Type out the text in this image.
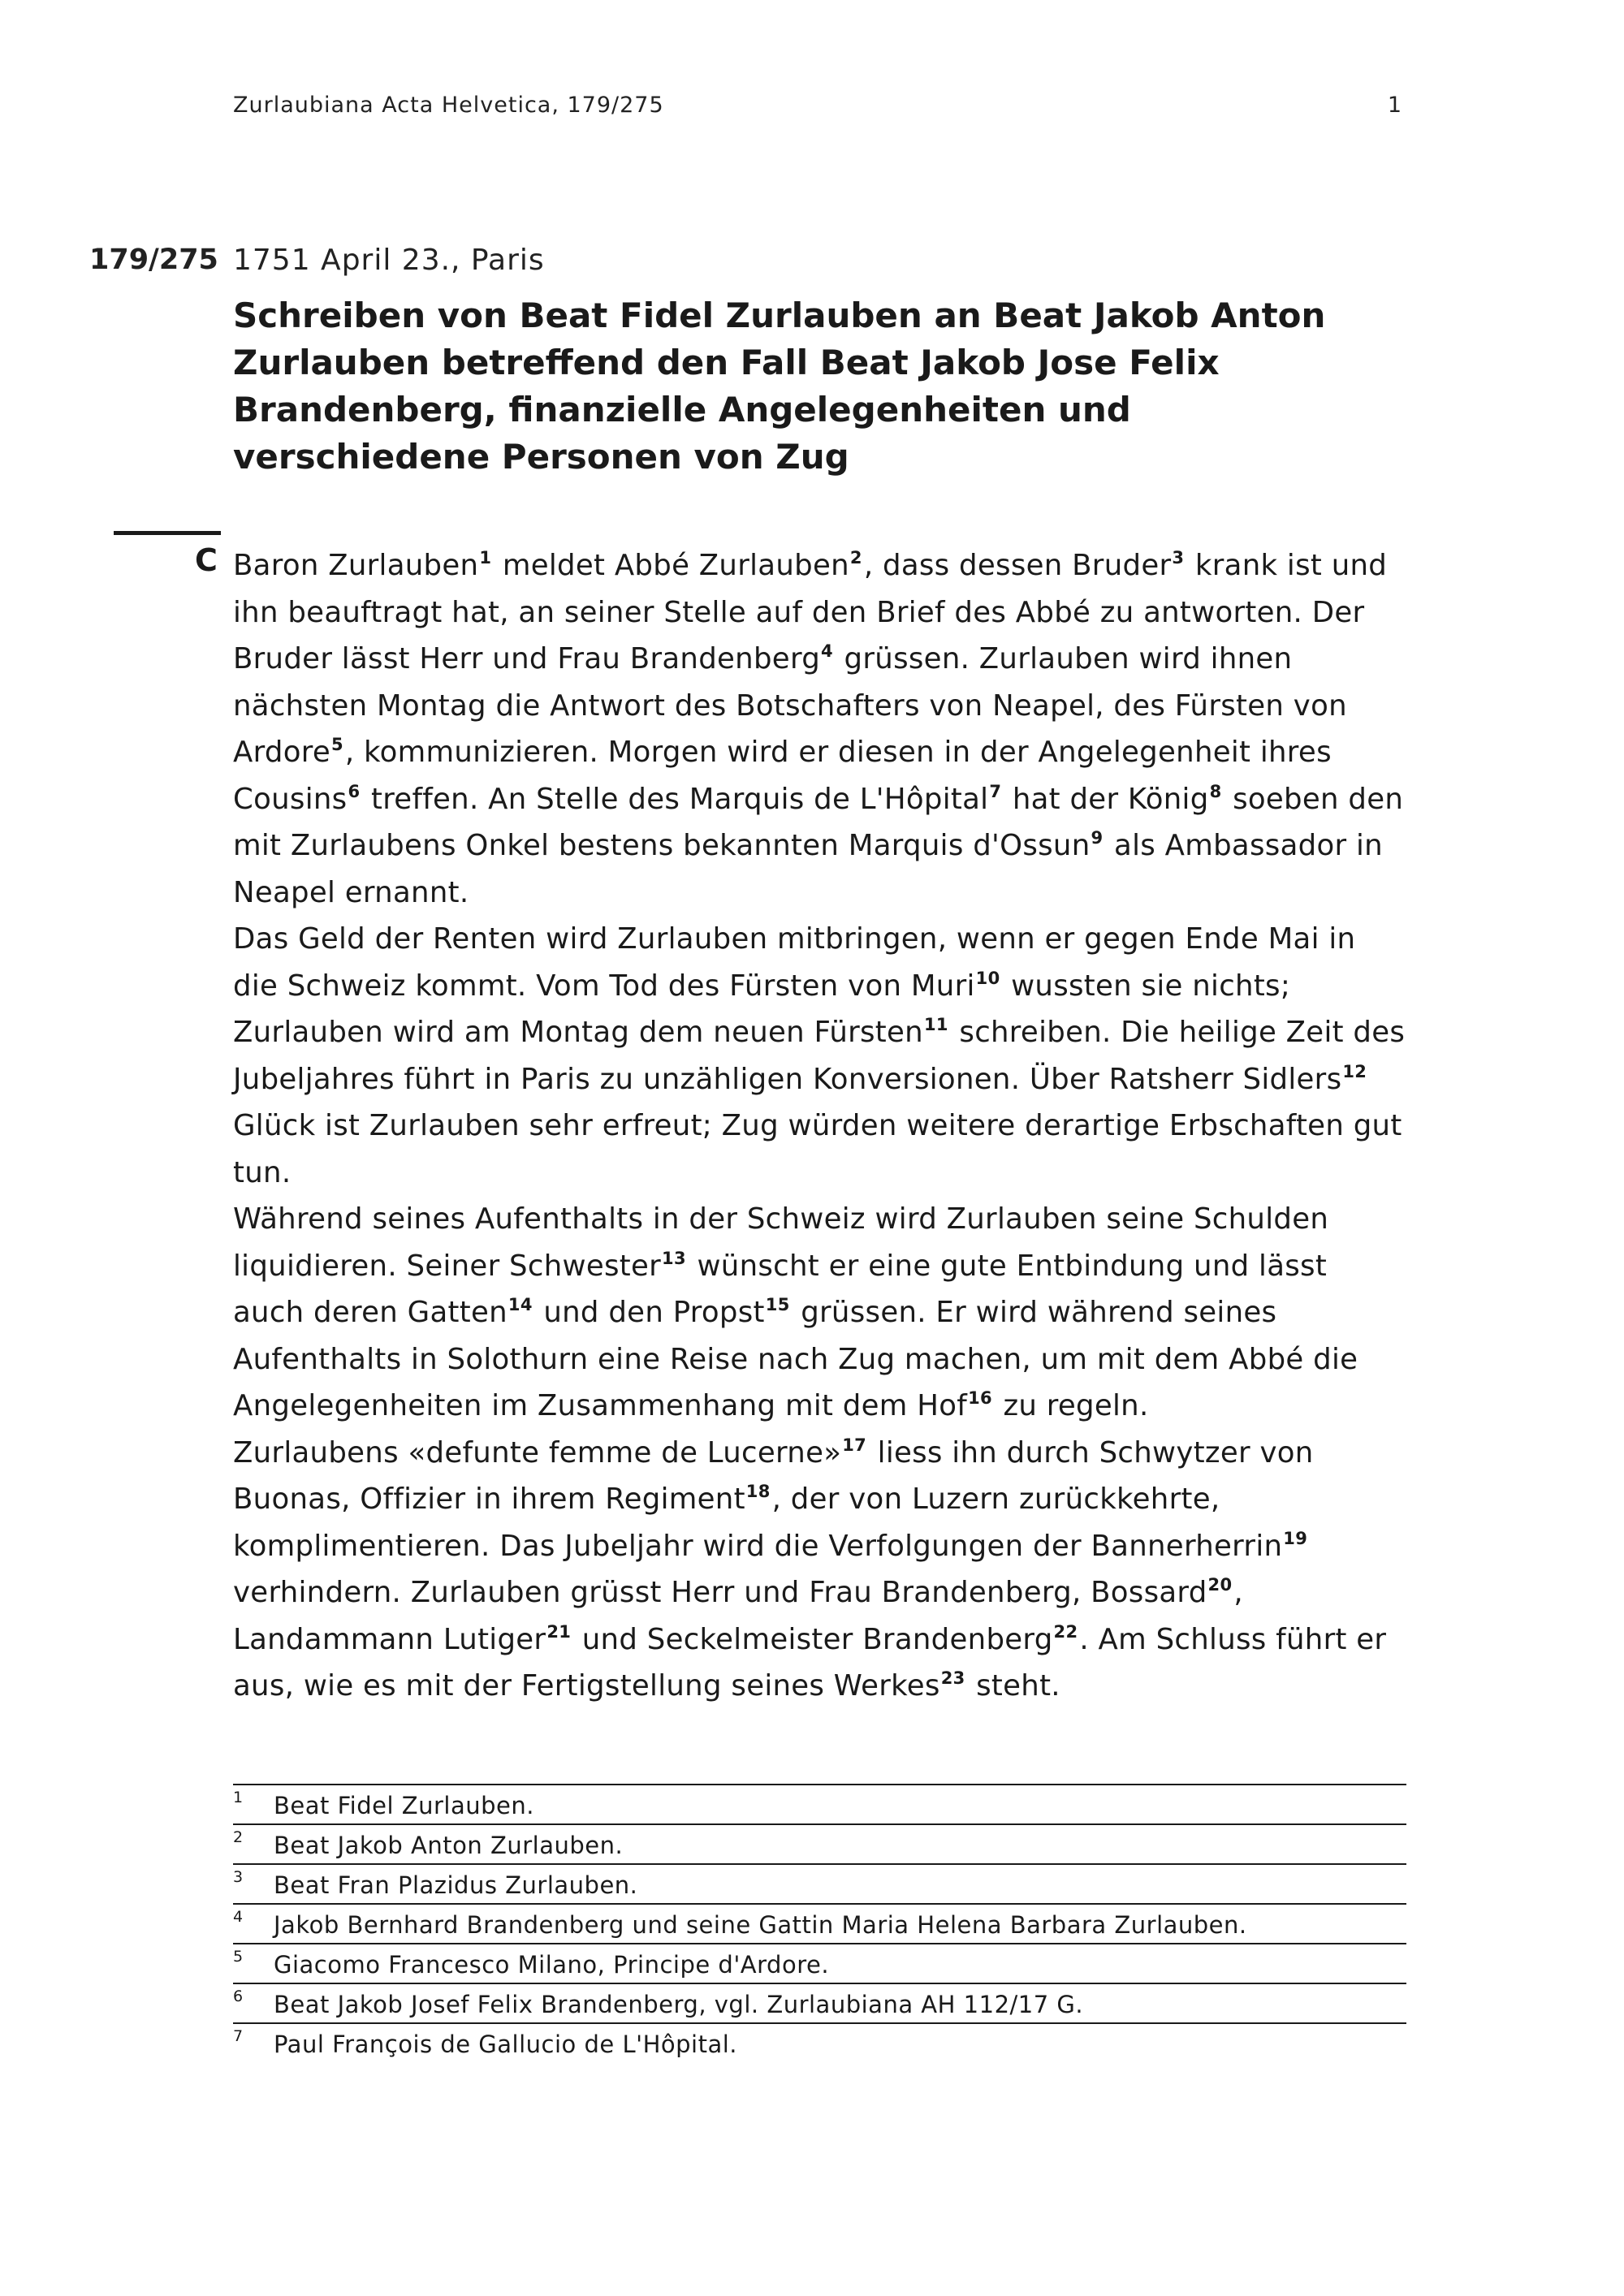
Zurlaubiana Acta Helvetica, 179/275	1
179/275 1751 April 23., Paris
Schreiben von Beat Fidel Zurlauben an Beat Jakob Anton Zurlauben betreffend den Fall Beat Jakob Jose Felix Brandenberg, finanzielle Angelegenheiten und verschiedene Personen von Zug
C Baron Zurlauben$^1$ meldet Abbé Zurlauben$^2$, dass dessen Bruder$^3$ krank ist und ihn beauftragt hat, an seiner Stelle auf den Brief des Abbé zu antworten. Der Bruder lässt Herr und Frau Brandenberg$^4$ grüssen. Zurlauben wird ihnen nächsten Montag die Antwort des Botschafters von Neapel, des Fürsten von Ardore$^5$, kommunizieren. Morgen wird er diesen in der Angelegenheit ihres Cousins$^6$ treffen. An Stelle des Marquis de L'Hôpital$^7$ hat der König$^8$ soeben den mit Zurlaubens Onkel bestens bekannten Marquis d'Ossun$^9$ als Ambassador in Neapel ernannt.

Das Geld der Renten wird Zurlauben mitbringen, wenn er gegen Ende Mai in die Schweiz kommt. Vom Tod des Fürsten von Muri$^{10}$ wussten sie nichts; Zurlauben wird am Montag dem neuen Fürsten$^{11}$ schreiben. Die heilige Zeit des Jubeljahres führt in Paris zu unzähligen Konversionen. Über Ratsherr Sidlers$^{12}$ Glück ist Zurlauben sehr erfreut; Zug würden weitere derartige Erbschaften gut tun.

Während seines Aufenthalts in der Schweiz wird Zurlauben seine Schulden liquidieren. Seiner Schwester$^{13}$ wünscht er eine gute Entbindung und lässt auch deren Gatten$^{14}$ und den Propst$^{15}$ grüssen. Er wird während seines Aufenthalts in Solothurn eine Reise nach Zug machen, um mit dem Abbé die Angelegenheiten im Zusammenhang mit dem Hof$^{16}$ zu regeln.

Zurlaubens «defunte femme de Lucerne»$^{17}$ liess ihn durch Schwytzer von Buonas, Offizier in ihrem Regiment$^{18}$, der von Luzern zurückkehrte, komplimentieren. Das Jubeljahr wird die Verfolgungen der Bannerherrin$^{19}$ verhindern. Zurlauben grüsst Herr und Frau Brandenberg, Bossard$^{20}$, Landammann Lutiger$^{21}$ und Seckelmeister Brandenberg$^{22}$. Am Schluss führt er aus, wie es mit der Fertigstellung seines Werkes$^{23}$ steht.

1 Beat Fidel Zurlauben.
2 Beat Jakob Anton Zurlauben.
3 Beat Fran Plazidus Zurlauben.
4 Jakob Bernhard Brandenberg und seine Gattin Maria Helena Barbara Zurlauben.
5 Giacomo Francesco Milano, Principe d'Ardore.
6 Beat Jakob Josef Felix Brandenberg, vgl. Zurlaubiana AH 112/17 G.
7 Paul François de Gallucio de L'Hôpital.
